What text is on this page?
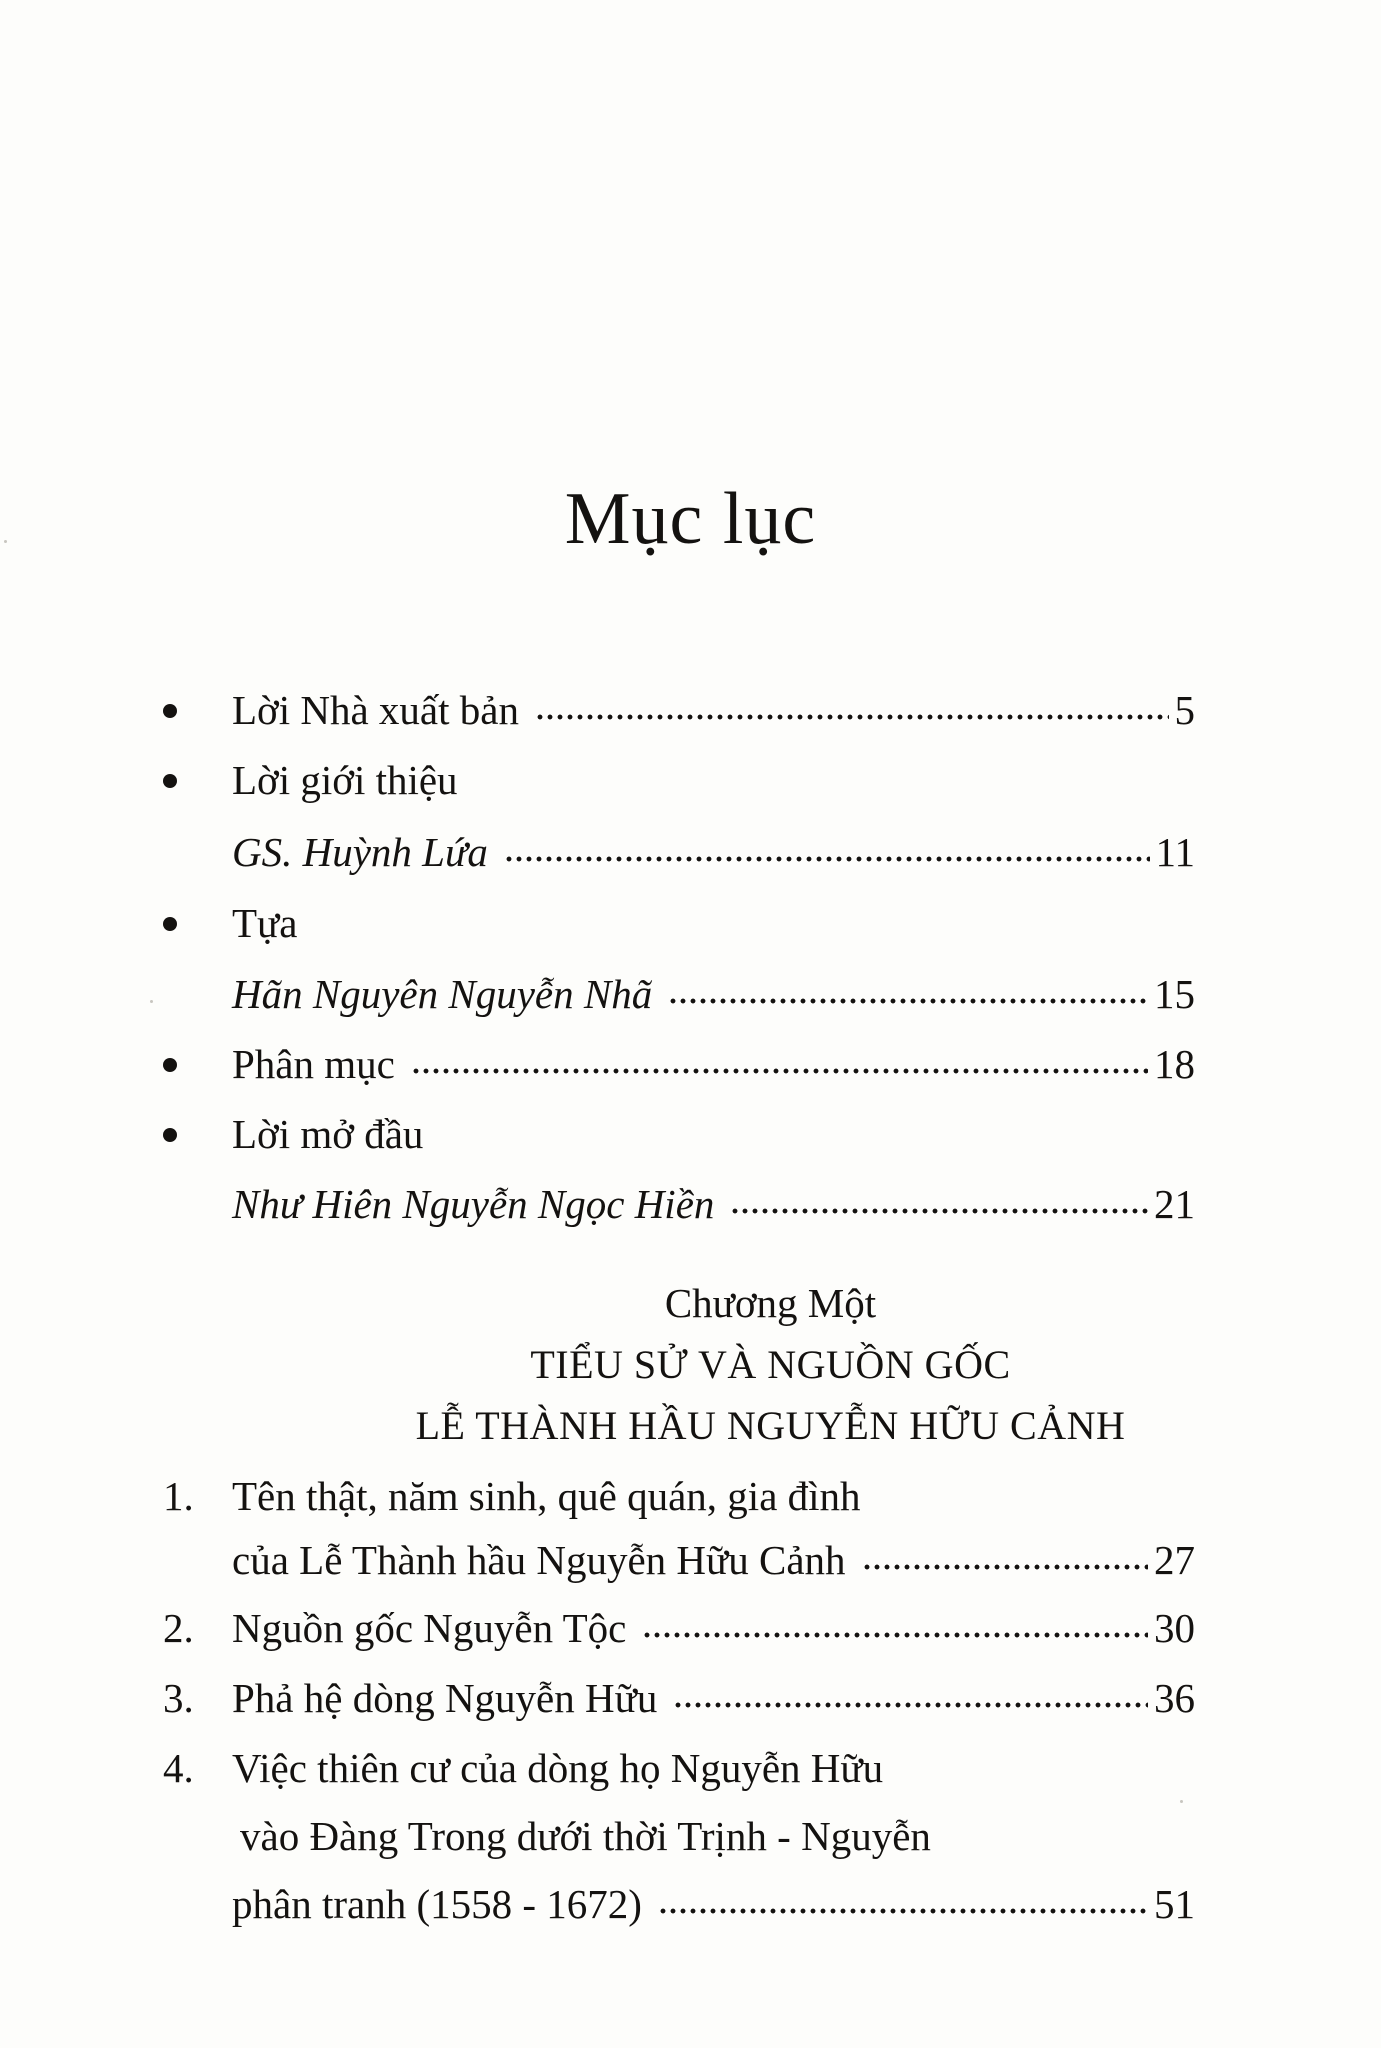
Mục lục
Lời Nhà xuất bản	5
Lời giới thiệu
GS. Huỳnh Lứa	11
Tựa
Hãn Nguyên Nguyễn Nhã	15
Phân mục	18
Lời mở đầu
Như Hiên Nguyễn Ngọc Hiền	21
Chương Một
TIỂU SỬ VÀ NGUỒN GỐC
LỄ THÀNH HẦU NGUYỄN HỮU CẢNH
1. Tên thật, năm sinh, quê quán, gia đình
của Lễ Thành hầu Nguyễn Hữu Cảnh	27
2. Nguồn gốc Nguyễn Tộc	30
3. Phả hệ dòng Nguyễn Hữu	36
4. Việc thiên cư của dòng họ Nguyễn Hữu
vào Đàng Trong dưới thời Trịnh - Nguyễn
phân tranh (1558 - 1672)	51
